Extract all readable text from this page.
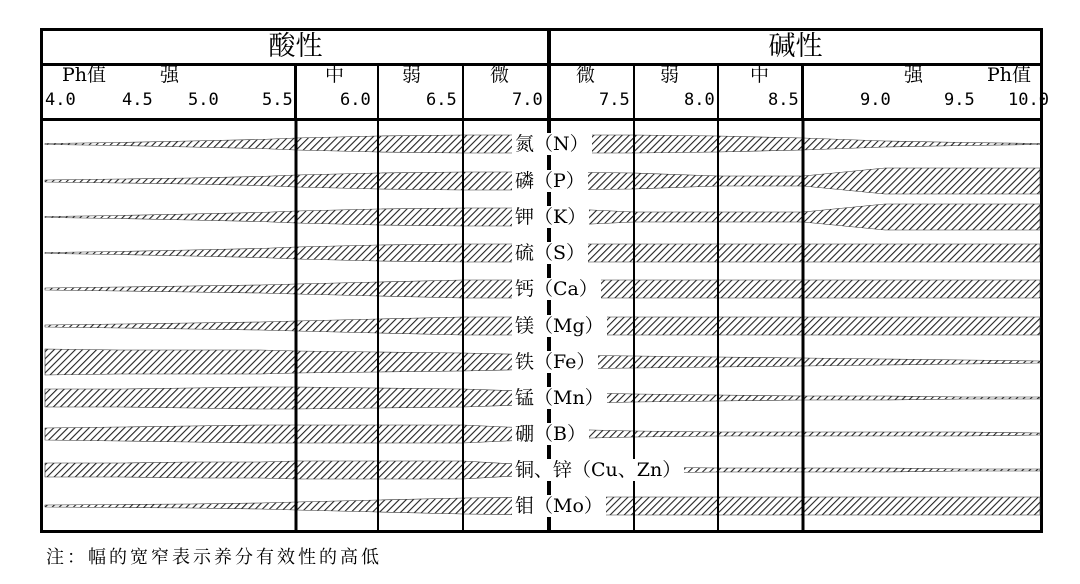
酸性	碱性
Ph值	强	中	弱	微	微	弱	中	强	Ph值
4.0	4.5 5.0	5.5	6.0	6.5	7.0	7.5	8.0	8.5	9.0	9.5 10.0
氮（N）
磷（P）
钾（K）
硫（S）
钙（Ca）
镁（Mg）
铁（Fe）
锰（Mn）
硼（B）
铜、锌（Cu、Zn）
钼（Mo）
注：幅的宽窄表示养分有效性的高低
